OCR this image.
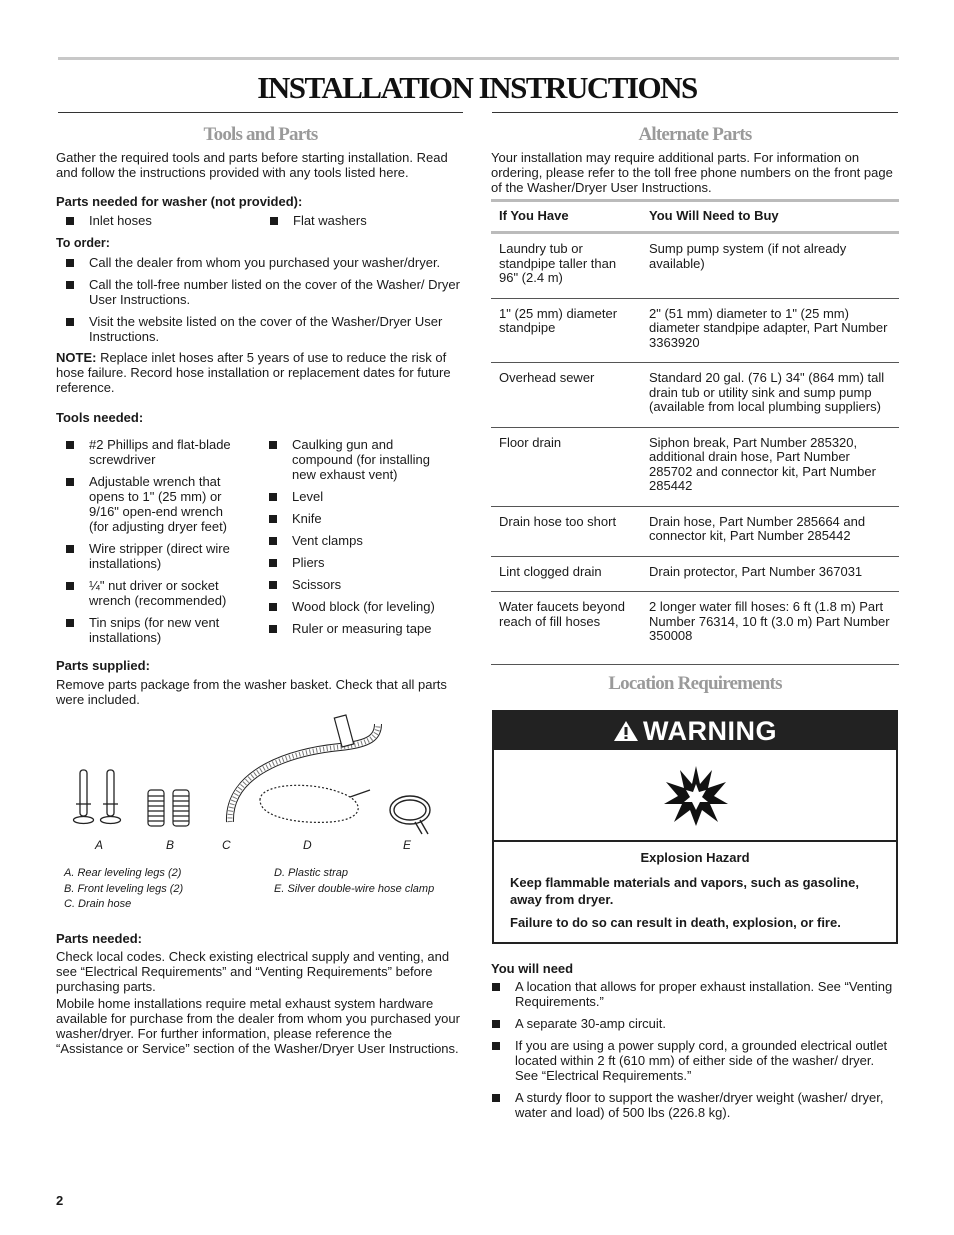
INSTALLATION INSTRUCTIONS
Tools and Parts
Gather the required tools and parts before starting installation. Read and follow the instructions provided with any tools listed here.
Parts needed for washer (not provided):
Inlet hoses	Flat washers
To order:
Call the dealer from whom you purchased your washer/dryer.
Call the toll-free number listed on the cover of the Washer/ Dryer User Instructions.
Visit the website listed on the cover of the Washer/Dryer User Instructions.
NOTE: Replace inlet hoses after 5 years of use to reduce the risk of hose failure. Record hose installation or replacement dates for future reference.
Tools needed:
#2 Phillips and flat-blade screwdriver
Adjustable wrench that opens to 1" (25 mm) or 9/16" open-end wrench (for adjusting dryer feet)
Wire stripper (direct wire installations)
¼" nut driver or socket wrench (recommended)
Tin snips (for new vent installations)
Caulking gun and compound (for installing new exhaust vent)
Level
Knife
Vent clamps
Pliers
Scissors
Wood block (for leveling)
Ruler or measuring tape
Parts supplied:
Remove parts package from the washer basket. Check that all parts were included.
A	B	C	D	E
A. Rear leveling legs (2)
B. Front leveling legs (2)
C. Drain hose
D. Plastic strap
E. Silver double-wire hose clamp
Parts needed:
Check local codes. Check existing electrical supply and venting, and see “Electrical Requirements” and “Venting Requirements” before purchasing parts.
Mobile home installations require metal exhaust system hardware available for purchase from the dealer from whom you purchased your washer/dryer. For further information, please reference the “Assistance or Service” section of the Washer/Dryer User Instructions.
Alternate Parts
Your installation may require additional parts. For information on ordering, please refer to the toll free phone numbers on the front page of the Washer/Dryer User Instructions.
If You Have	You Will Need to Buy
Laundry tub or standpipe taller than 96" (2.4 m)	Sump pump system (if not already available)
1" (25 mm) diameter standpipe	2" (51 mm) diameter to 1" (25 mm) diameter standpipe adapter, Part Number 3363920
Overhead sewer	Standard 20 gal. (76 L) 34" (864 mm) tall drain tub or utility sink and sump pump (available from local plumbing suppliers)
Floor drain	Siphon break, Part Number 285320, additional drain hose, Part Number 285702 and connector kit, Part Number 285442
Drain hose too short	Drain hose, Part Number 285664 and connector kit, Part Number 285442
Lint clogged drain	Drain protector, Part Number 367031
Water faucets beyond reach of fill hoses	2 longer water fill hoses: 6 ft (1.8 m) Part Number 76314, 10 ft (3.0 m) Part Number 350008
Location Requirements
WARNING
Explosion Hazard
Keep flammable materials and vapors, such as gasoline, away from dryer.
Failure to do so can result in death, explosion, or fire.
You will need
A location that allows for proper exhaust installation. See “Venting Requirements.”
A separate 30-amp circuit.
If you are using a power supply cord, a grounded electrical outlet located within 2 ft (610 mm) of either side of the washer/ dryer. See “Electrical Requirements.”
A sturdy floor to support the washer/dryer weight (washer/ dryer, water and load) of 500 lbs (226.8 kg).
2
